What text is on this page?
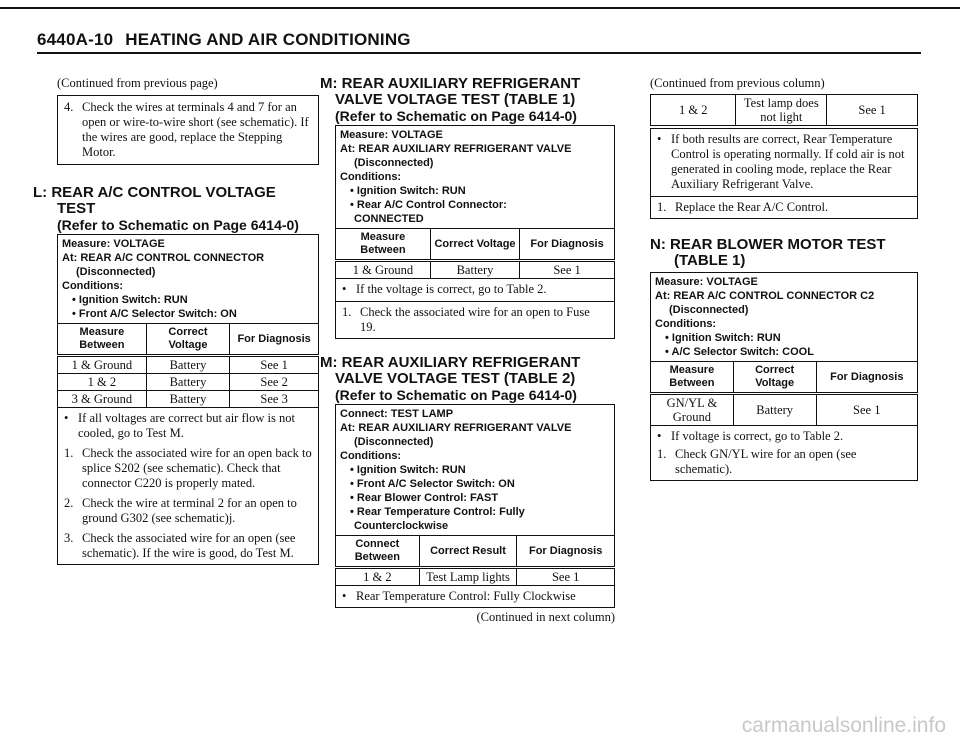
6440A-10 HEATING AND AIR CONDITIONING
(Continued from previous page)
4. Check the wires at terminals 4 and 7 for an open or wire-to-wire short (see schematic). If the wires are good, replace the Stepping Motor.
L: REAR A/C CONTROL VOLTAGE
TEST
(Refer to Schematic on Page 6414-0)
Measure: VOLTAGE
At: REAR A/C CONTROL CONNECTOR
(Disconnected)
Conditions:
• Ignition Switch: RUN
• Front A/C Selector Switch: ON
Measure Between	Correct Voltage	For Diagnosis
1 & Ground	Battery	See 1
1 & 2	Battery	See 2
3 & Ground	Battery	See 3
• If all voltages are correct but air flow is not cooled, go to Test M.
1. Check the associated wire for an open back to splice S202 (see schematic). Check that connector C220 is properly mated.
2. Check the wire at terminal 2 for an open to ground G302 (see schematic)j.
3. Check the associated wire for an open (see schematic). If the wire is good, do Test M.
M: REAR AUXILIARY REFRIGERANT
VALVE VOLTAGE TEST (TABLE 1)
(Refer to Schematic on Page 6414-0)
Measure: VOLTAGE
At: REAR AUXILIARY REFRIGERANT VALVE
(Disconnected)
Conditions:
• Ignition Switch: RUN
• Rear A/C Control Connector:
CONNECTED
Measure Between	Correct Voltage	For Diagnosis
1 & Ground	Battery	See 1
• If the voltage is correct, go to Table 2.
1. Check the associated wire for an open to Fuse 19.
M: REAR AUXILIARY REFRIGERANT
VALVE VOLTAGE TEST (TABLE 2)
(Refer to Schematic on Page 6414-0)
Connect: TEST LAMP
At: REAR AUXILIARY REFRIGERANT VALVE
(Disconnected)
Conditions:
• Ignition Switch: RUN
• Front A/C Selector Switch: ON
• Rear Blower Control: FAST
• Rear Temperature Control: Fully
Counterclockwise
Connect Between	Correct Result	For Diagnosis
1 & 2	Test Lamp lights	See 1
• Rear Temperature Control: Fully Clockwise
(Continued in next column)
(Continued from previous column)
1 & 2	Test lamp does not light	See 1
• If both results are correct, Rear Temperature Control is operating normally. If cold air is not generated in cooling mode, replace the Rear Auxiliary Refrigerant Valve.
1. Replace the Rear A/C Control.
N: REAR BLOWER MOTOR TEST
(TABLE 1)
Measure: VOLTAGE
At: REAR A/C CONTROL CONNECTOR C2
(Disconnected)
Conditions:
• Ignition Switch: RUN
• A/C Selector Switch: COOL
Measure Between	Correct Voltage	For Diagnosis
GN/YL & Ground	Battery	See 1
• If voltage is correct, go to Table 2.
1. Check GN/YL wire for an open (see schematic).
carmanualsonline.info
